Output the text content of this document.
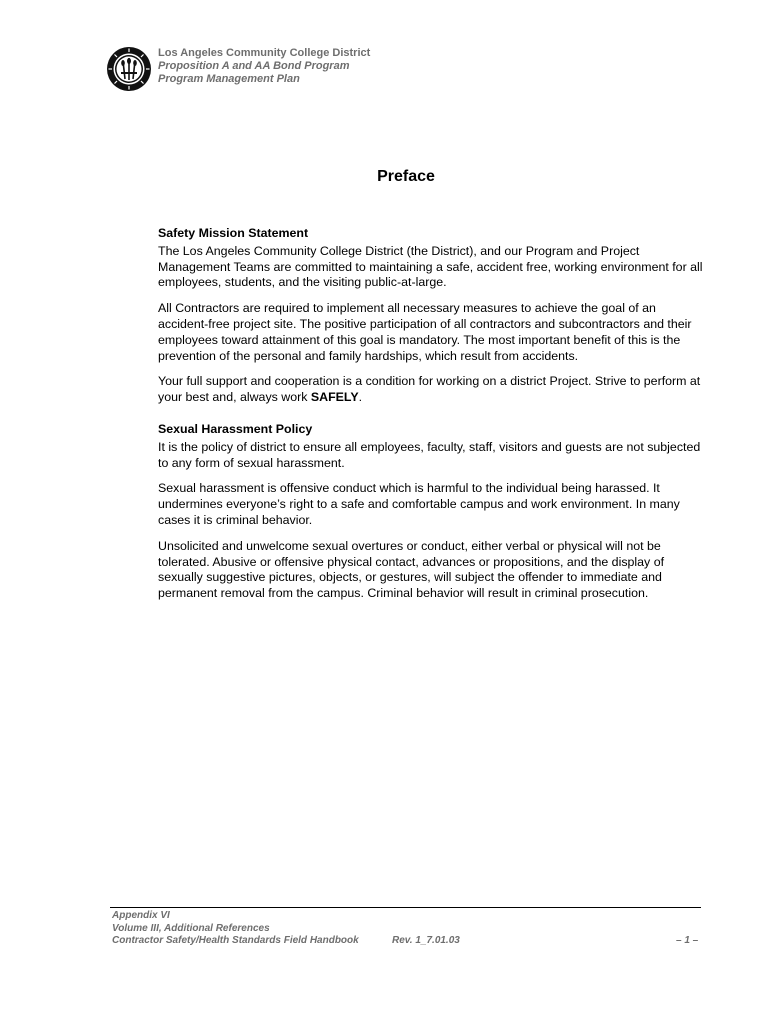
Los Angeles Community College District
Proposition A and AA Bond Program
Program Management Plan
Preface
Safety Mission Statement

The Los Angeles Community College District (the District), and our Program and Project Management Teams are committed to maintaining a safe, accident free, working environment for all employees, students, and the visiting public-at-large.

All Contractors are required to implement all necessary measures to achieve the goal of an accident-free project site. The positive participation of all contractors and subcontractors and their employees toward attainment of this goal is mandatory. The most important benefit of this is the prevention of the personal and family hardships, which result from accidents.

Your full support and cooperation is a condition for working on a district Project. Strive to perform at your best and, always work SAFELY.

Sexual Harassment Policy

It is the policy of district to ensure all employees, faculty, staff, visitors and guests are not subjected to any form of sexual harassment.

Sexual harassment is offensive conduct which is harmful to the individual being harassed. It undermines everyone’s right to a safe and comfortable campus and work environment. In many cases it is criminal behavior.

Unsolicited and unwelcome sexual overtures or conduct, either verbal or physical will not be tolerated. Abusive or offensive physical contact, advances or propositions, and the display of sexually suggestive pictures, objects, or gestures, will subject the offender to immediate and permanent removal from the campus. Criminal behavior will result in criminal prosecution.

Appendix VI
Volume III, Additional References
Contractor Safety/Health Standards Field Handbook	Rev. 1_7.01.03	– 1 –
